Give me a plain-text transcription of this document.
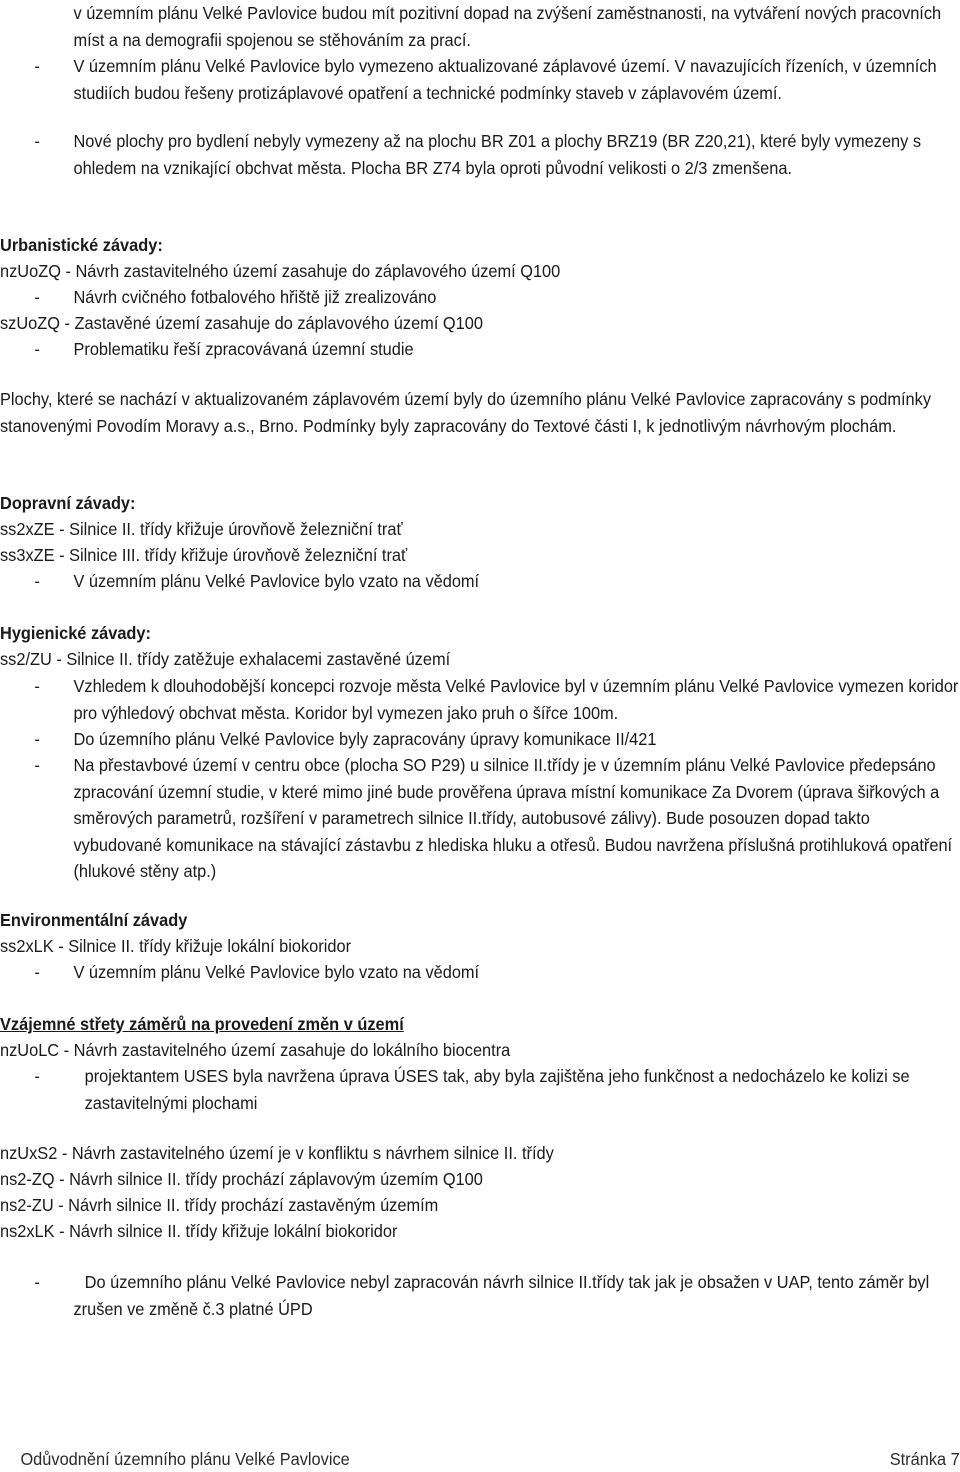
v územním plánu Velké Pavlovice budou mít pozitivní dopad na zvýšení zaměstnanosti, na vytváření nových pracovních míst a na demografii spojenou se stěhováním za prací.
- V územním plánu Velké Pavlovice bylo vymezeno aktualizované záplavové území. V navazujících řízeních, v územních studiích budou řešeny protizáplavové opatření a technické podmínky staveb v záplavovém území.
- Nové plochy pro bydlení nebyly vymezeny až na plochu BR Z01 a plochy BRZ19 (BR Z20,21), které byly vymezeny s ohledem na vznikající obchvat města. Plocha BR Z74 byla oproti původní velikosti o 2/3 zmenšena.
Urbanistické závady:
nzUoZQ - Návrh zastavitelného území zasahuje do záplavového území Q100
- Návrh cvičného fotbalového hřiště již zrealizováno
szUoZQ - Zastavěné území zasahuje do záplavového území Q100
- Problematiku řeší zpracovávaná územní studie
Plochy, které se nachází v aktualizovaném záplavovém území byly do územního plánu Velké Pavlovice zapracovány s podmínky stanovenými Povodím Moravy a.s., Brno. Podmínky byly zapracovány do Textové části I, k jednotlivým návrhovým plochám.
Dopravní závady:
ss2xZE - Silnice II. třídy křižuje úrovňově železniční trať
ss3xZE - Silnice III. třídy křižuje úrovňově železniční trať
- V územním plánu Velké Pavlovice bylo vzato na vědomí
Hygienické závady:
ss2/ZU - Silnice II. třídy zatěžuje exhalacemi zastavěné území
- Vzhledem k dlouhodobější koncepci rozvoje města Velké Pavlovice byl v územním plánu Velké Pavlovice vymezen koridor pro výhledový obchvat města. Koridor byl vymezen jako pruh o šířce 100m.
- Do územního plánu Velké Pavlovice byly zapracovány úpravy komunikace II/421
- Na přestavbové území v centru obce (plocha SO P29) u silnice II.třídy je v územním plánu Velké Pavlovice předepsáno zpracování územní studie, v které mimo jiné bude prověřena úprava místní komunikace Za Dvorem (úprava šiřkových a směrových parametrů, rozšíření v parametrech silnice II.třídy, autobusové zálivy). Bude posouzen dopad takto vybudované komunikace na stávající zástavbu z hlediska hluku a otřesů. Budou navržena příslušná protihluková opatření (hlukové stěny atp.)
Environmentální závady
ss2xLK - Silnice II. třídy křižuje lokální biokoridor
- V územním plánu Velké Pavlovice bylo vzato na vědomí
Vzájemné střety záměrů na provedení změn v území
nzUoLC - Návrh zastavitelného území zasahuje do lokálního biocentra
-	projektantem USES byla navržena úprava ÚSES tak, aby byla zajištěna jeho funkčnost a nedocházelo ke kolizi se zastavitelnými plochami
nzUxS2 - Návrh zastavitelného území je v konfliktu s návrhem silnice II. třídy
ns2-ZQ - Návrh silnice II. třídy prochází záplavovým územím Q100
ns2-ZU - Návrh silnice II. třídy prochází zastavěným územím
ns2xLK - Návrh silnice II. třídy křižuje lokální biokoridor
-	Do územního plánu Velké Pavlovice nebyl zapracován návrh silnice II.třídy tak jak je obsažen v UAP, tento záměr byl zrušen ve změně č.3 platné ÚPD
Odůvodnění územního plánu Velké Pavlovice	Stránka 7
